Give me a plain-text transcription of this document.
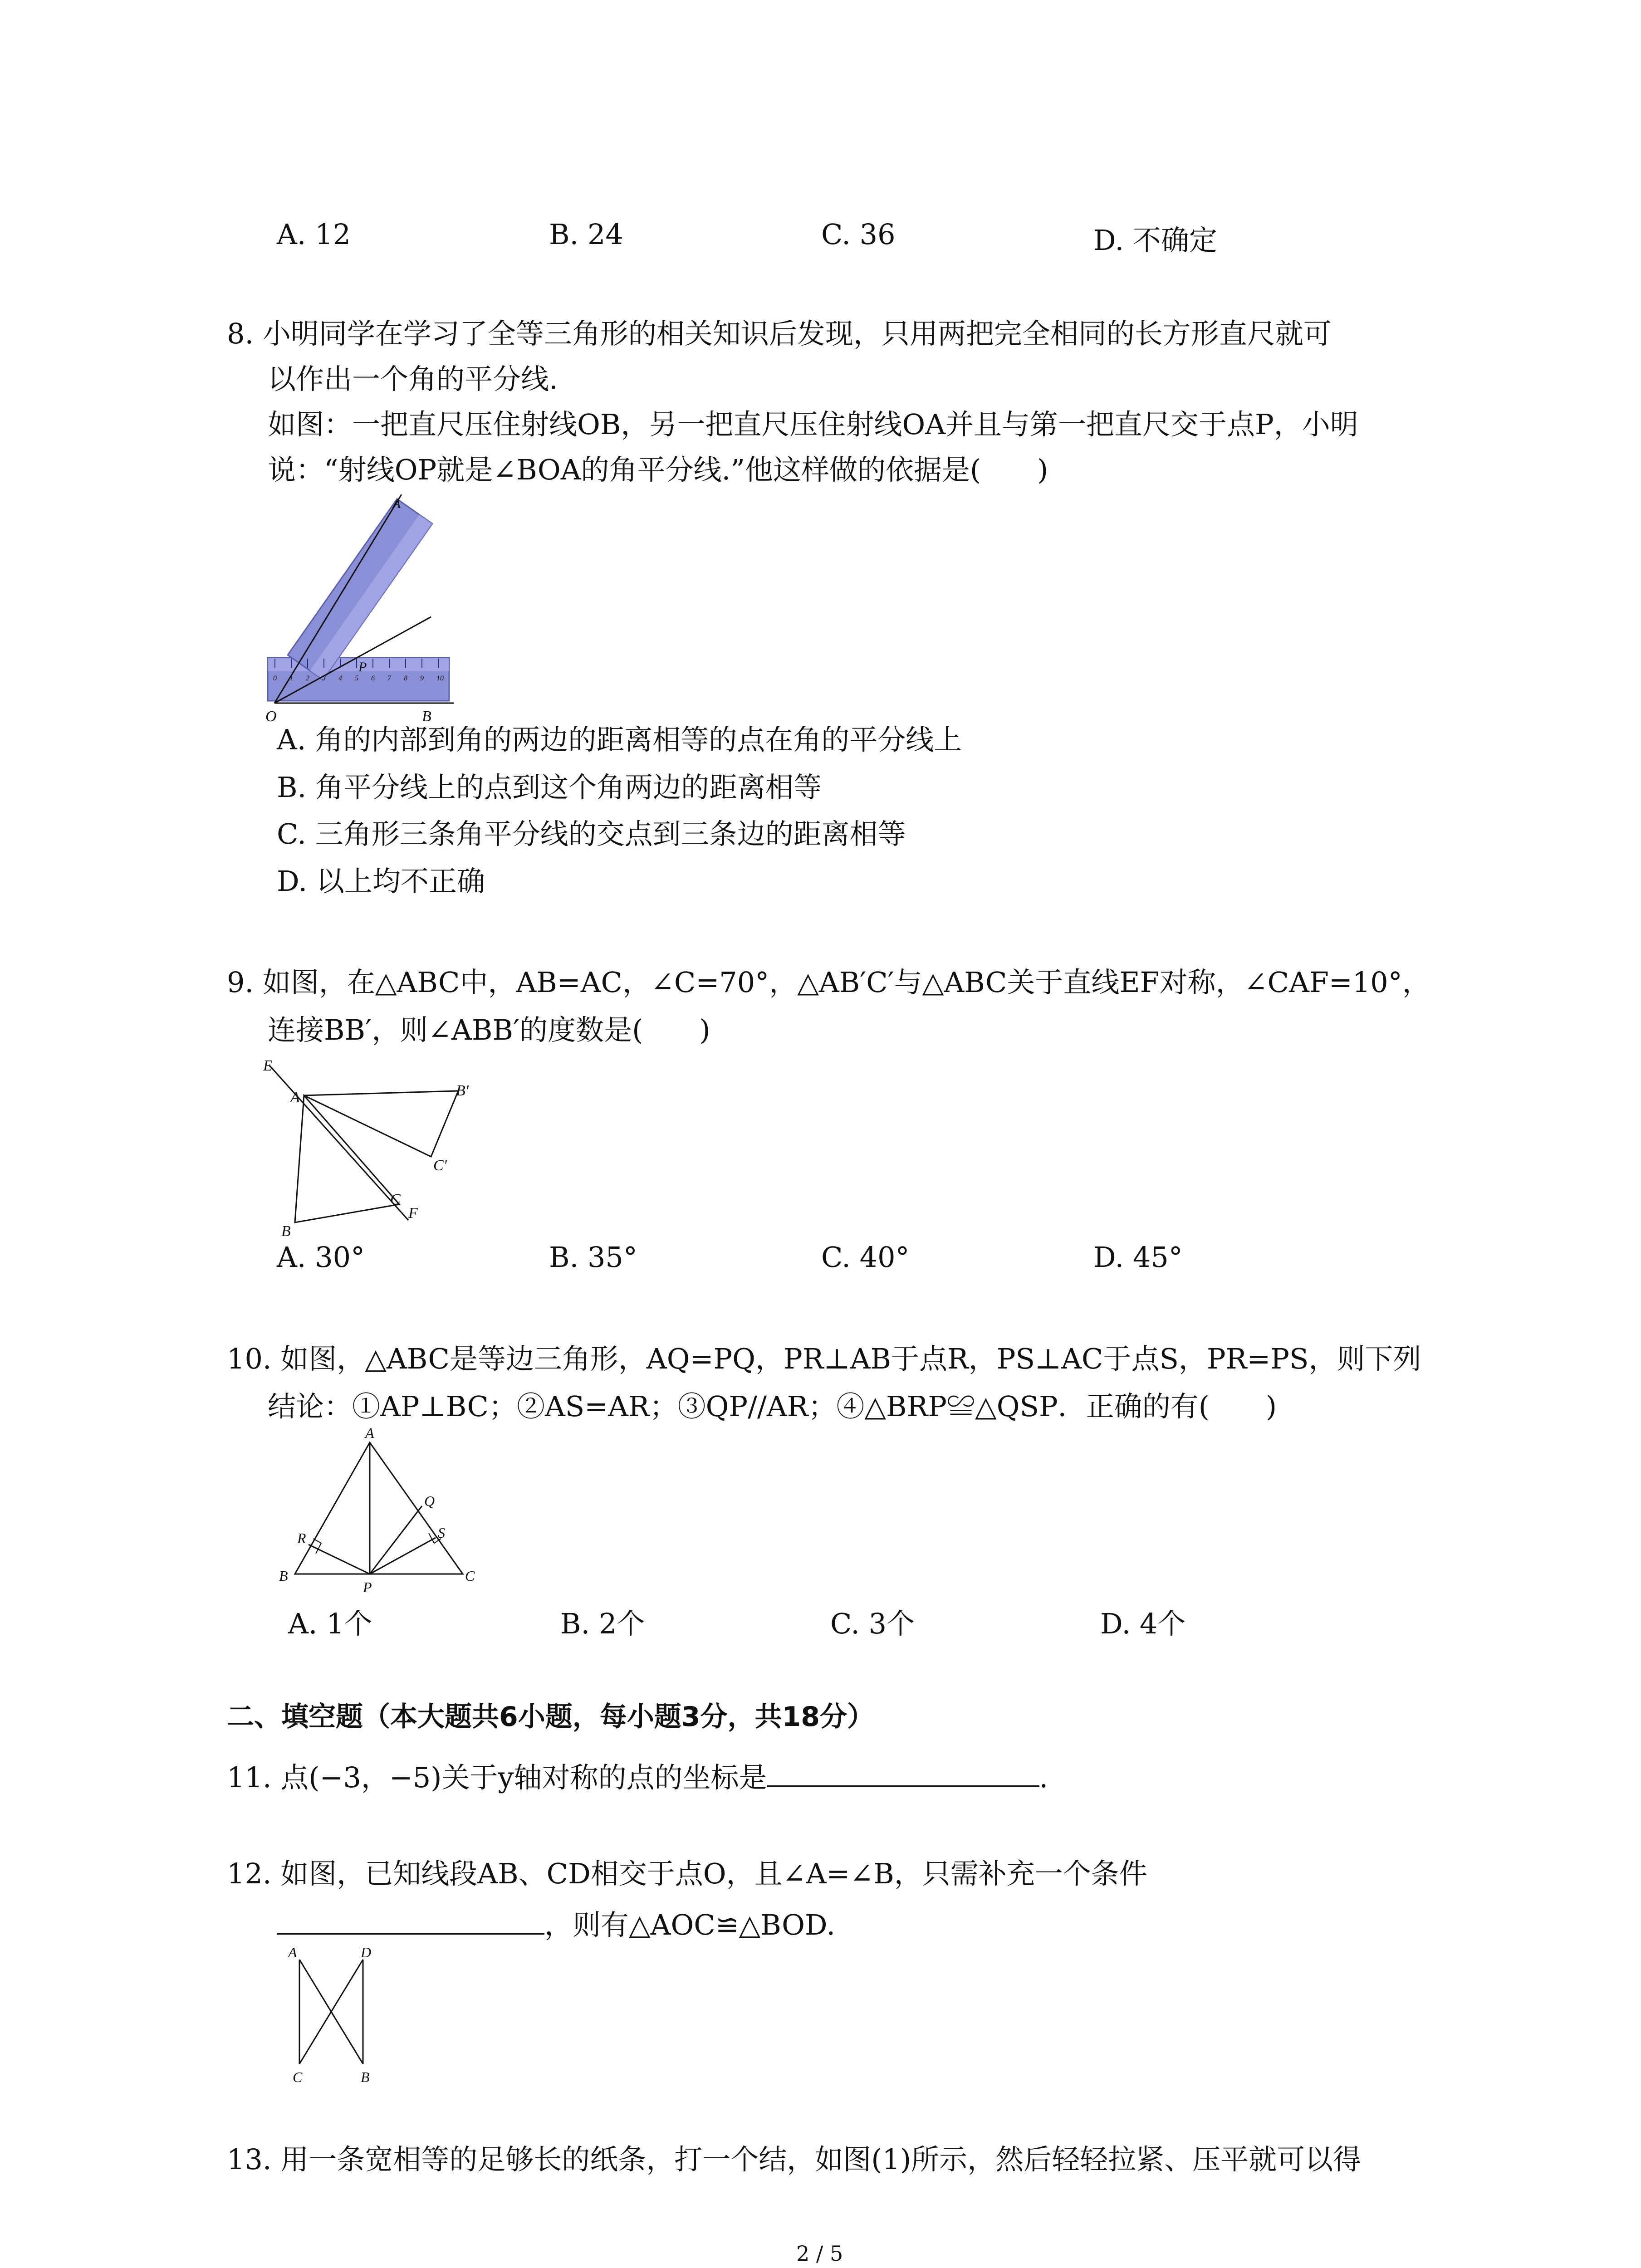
A. 12	B. 24	C. 36	D. 不确定
8. 小明同学在学习了全等三角形的相关知识后发现，只用两把完全相同的长方形直尺就可
以作出一个角的平分线.
如图：一把直尺压住射线OB，另一把直尺压住射线OA并且与第一把直尺交于点P，小明
说：“射线OP就是∠BOA的角平分线.”他这样做的依据是(　　)
P
A
O	B
0 1 2 3 4 5 6 7 8 9 10
A. 角的内部到角的两边的距离相等的点在角的平分线上
B. 角平分线上的点到这个角两边的距离相等
C. 三角形三条角平分线的交点到三条边的距离相等
D. 以上均不正确
9. 如图，在△ABC中，AB=AC，∠C=70°，△AB′C′与△ABC关于直线EF对称，∠CAF=10°，
连接BB′，则∠ABB′的度数是(　　)
E
A	B′
C′
B
C
F
A. 30°	B. 35°	C. 40°	D. 45°
10. 如图，△ABC是等边三角形，AQ=PQ，PR⊥AB于点R，PS⊥AC于点S，PR=PS，则下列
结论：①AP⊥BC；②AS=AR；③QP//AR；④△BRP≌△QSP．正确的有(　　)
A
Q
R	S
B
P
C
A. 1个	B. 2个	C. 3个	D. 4个
二、填空题（本大题共6小题，每小题3分，共18分）
11. 点(−3，−5)关于y轴对称的点的坐标是	.
12. 如图，已知线段AB、CD相交于点O，且∠A=∠B，只需补充一个条件
，则有△AOC≌△BOD.
A	D
C	B
13. 用一条宽相等的足够长的纸条，打一个结，如图(1)所示，然后轻轻拉紧、压平就可以得
2 / 5
